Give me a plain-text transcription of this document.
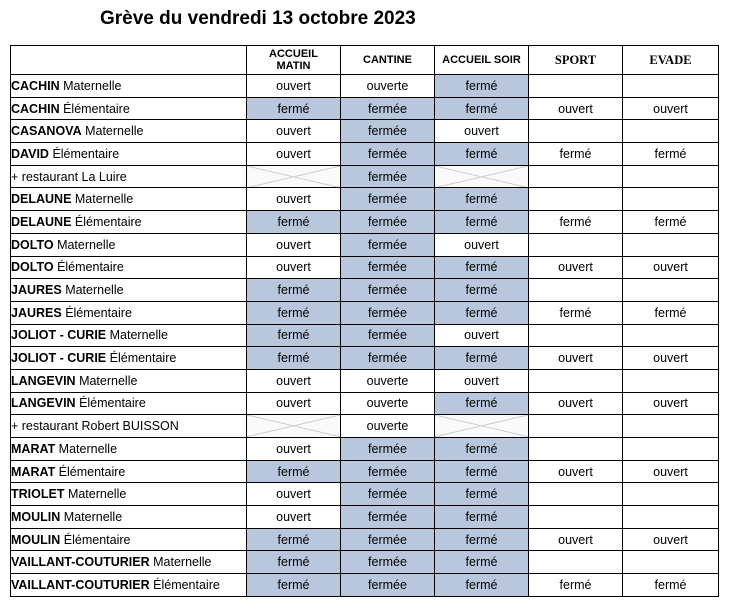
Grève du vendredi 13 octobre 2023
	ACCUEIL MATIN	CANTINE	ACCUEIL SOIR	SPORT	EVADE
CACHIN Maternelle	ouvert	ouverte	fermé		
CACHIN Élémentaire	fermé	fermée	fermé	ouvert	ouvert
CASANOVA Maternelle	ouvert	fermée	ouvert		
DAVID Élémentaire	ouvert	fermée	fermé	fermé	fermé
+ restaurant La Luire		fermée	

DELAUNE Maternelle	ouvert	fermée	fermé		
DELAUNE Élémentaire	fermé	fermée	fermé	fermé	fermé
DOLTO Maternelle	ouvert	fermée	ouvert		
DOLTO Élémentaire	ouvert	fermée	fermé	ouvert	ouvert
JAURES Maternelle	fermé	fermée	fermé		
JAURES Élémentaire	fermé	fermée	fermé	fermé	fermé
JOLIOT - CURIE Maternelle	fermé	fermée	ouvert		
JOLIOT - CURIE Élémentaire	fermé	fermée	fermé	ouvert	ouvert
LANGEVIN Maternelle	ouvert	ouverte	ouvert		
LANGEVIN Élémentaire	ouvert	ouverte	fermé	ouvert	ouvert
+ restaurant Robert BUISSON		ouverte	

MARAT Maternelle	ouvert	fermée	fermé		
MARAT Élémentaire	fermé	fermée	fermé	ouvert	ouvert
TRIOLET Maternelle	ouvert	fermée	fermé		
MOULIN Maternelle	ouvert	fermée	fermé		
MOULIN Élémentaire	fermé	fermée	fermé	ouvert	ouvert
VAILLANT-COUTURIER Maternelle	fermé	fermée	fermé		
VAILLANT-COUTURIER Élémentaire	fermé	fermée	fermé	fermé	fermé
